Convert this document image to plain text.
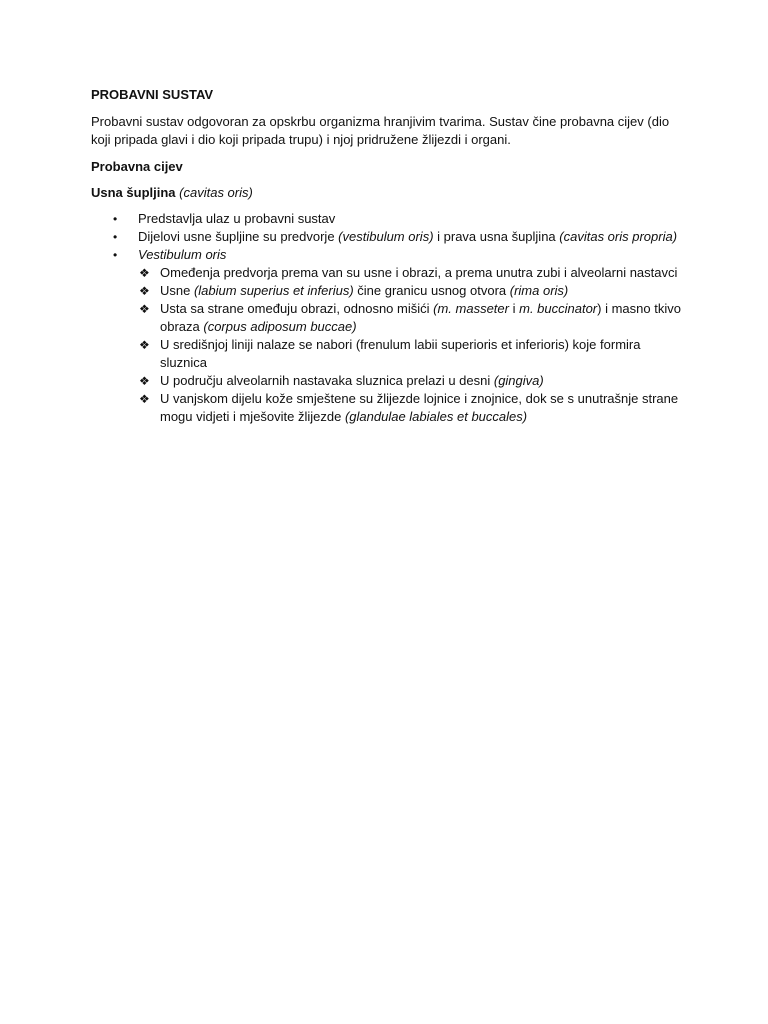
PROBAVNI SUSTAV

Probavni sustav odgovoran za opskrbu organizma hranjivim tvarima. Sustav čine probavna cijev (dio koji pripada glavi i dio koji pripada trupu) i njoj pridružene žlijezdi i organi.

Probavna cijev
Usna šupljina (cavitas oris)
• Predstavlja ulaz u probavni sustav
• Dijelovi usne šupljine su predvorje (vestibulum oris) i prava usna šupljina (cavitas oris propria)
• Vestibulum oris
❖ Omeđenja predvorja prema van su usne i obrazi, a prema unutra zubi i alveolarni nastavci
❖ Usne (labium superius et inferius) čine granicu usnog otvora (rima oris)
❖ Usta sa strane omeđuju obrazi, odnosno mišići (m. masseter i m. buccinator) i masno tkivo obraza (corpus adiposum buccae)
❖ U središnjoj liniji nalaze se nabori (frenulum labii superioris et inferioris) koje formira sluznica
❖ U području alveolarnih nastavaka sluznica prelazi u desni (gingiva)
❖ U vanjskom dijelu kože smještene su žlijezde lojnice i znojnice, dok se s unutrašnje strane mogu vidjeti i mješovite žlijezde (glandulae labiales et buccales)
